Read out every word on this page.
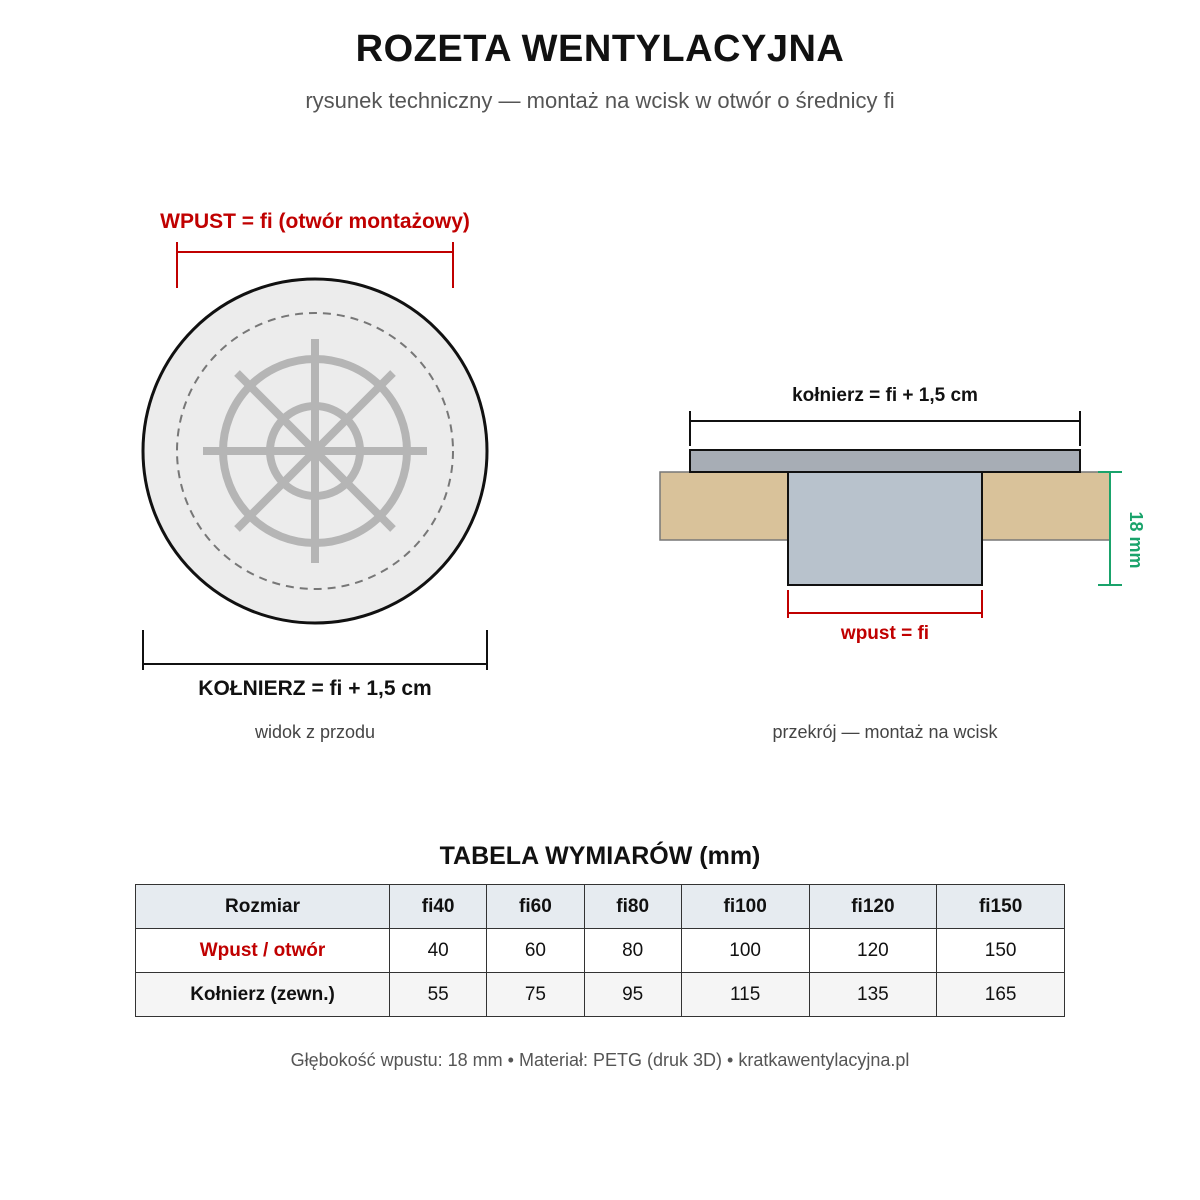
ROZETA WENTYLACYJNA
rysunek techniczny — montaż na wcisk w otwór o średnicy fi
WPUST = fi (otwór montażowy)
KOŁNIERZ = fi + 1,5 cm
widok z przodu
kołnierz = fi + 1,5 cm
18 mm
wpust = fi
przekrój — montaż na wcisk
TABELA WYMIARÓW (mm)
Rozmiar	fi40	fi60	fi80	fi100	fi120	fi150
Wpust / otwór	40	60	80	100	120	150
Kołnierz (zewn.)	55	75	95	115	135	165
Głębokość wpustu: 18 mm • Materiał: PETG (druk 3D) • kratkawentylacyjna.pl
